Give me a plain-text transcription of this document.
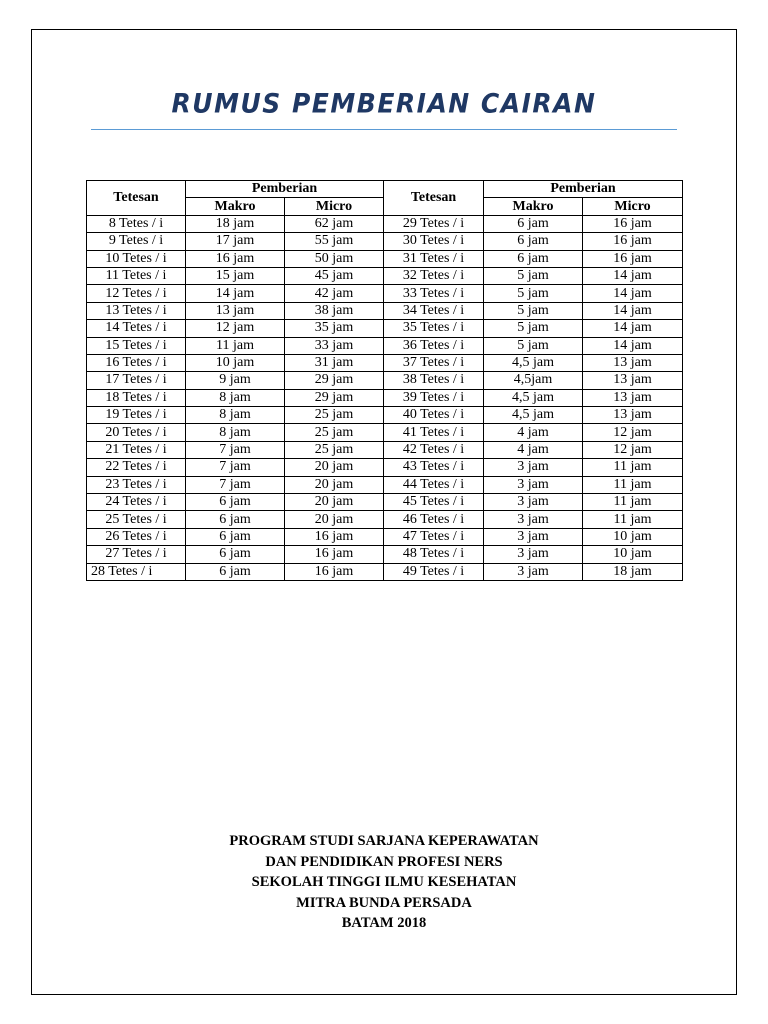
RUMUS PEMBERIAN CAIRAN
Tetesan	Pemberian		Tetesan	Pemberian	
	Makro	Micro		Makro	Micro
8 Tetes / i	18 jam	62 jam	29 Tetes / i	6 jam	16 jam
9 Tetes / i	17 jam	55 jam	30 Tetes / i	6 jam	16 jam
10 Tetes / i	16 jam	50 jam	31 Tetes / i	6 jam	16 jam
11 Tetes / i	15 jam	45 jam	32 Tetes / i	5 jam	14 jam
12 Tetes / i	14 jam	42 jam	33 Tetes / i	5 jam	14 jam
13 Tetes / i	13 jam	38 jam	34 Tetes / i	5 jam	14 jam
14 Tetes / i	12 jam	35 jam	35 Tetes / i	5 jam	14 jam
15 Tetes / i	11 jam	33 jam	36 Tetes / i	5 jam	14 jam
16 Tetes / i	10 jam	31 jam	37 Tetes / i	4,5 jam	13 jam
17 Tetes / i	9 jam	29 jam	38 Tetes / i	4,5jam	13 jam
18 Tetes / i	8 jam	29 jam	39 Tetes / i	4,5 jam	13 jam
19 Tetes / i	8 jam	25 jam	40 Tetes / i	4,5 jam	13 jam
20 Tetes / i	8 jam	25 jam	41 Tetes / i	4 jam	12 jam
21 Tetes / i	7 jam	25 jam	42 Tetes / i	4 jam	12 jam
22 Tetes / i	7 jam	20 jam	43 Tetes / i	3 jam	11 jam
23 Tetes / i	7 jam	20 jam	44 Tetes / i	3 jam	11 jam
24 Tetes / i	6 jam	20 jam	45 Tetes / i	3 jam	11 jam
25 Tetes / i	6 jam	20 jam	46 Tetes / i	3 jam	11 jam
26 Tetes / i	6 jam	16 jam	47 Tetes / i	3 jam	10 jam
27 Tetes / i	6 jam	16 jam	48 Tetes / i	3 jam	10 jam
28 Tetes / i	6 jam	16 jam	49 Tetes / i	3 jam	18 jam
PROGRAM STUDI SARJANA KEPERAWATAN
DAN PENDIDIKAN PROFESI NERS
SEKOLAH TINGGI ILMU KESEHATAN
MITRA BUNDA PERSADA
BATAM 2018
